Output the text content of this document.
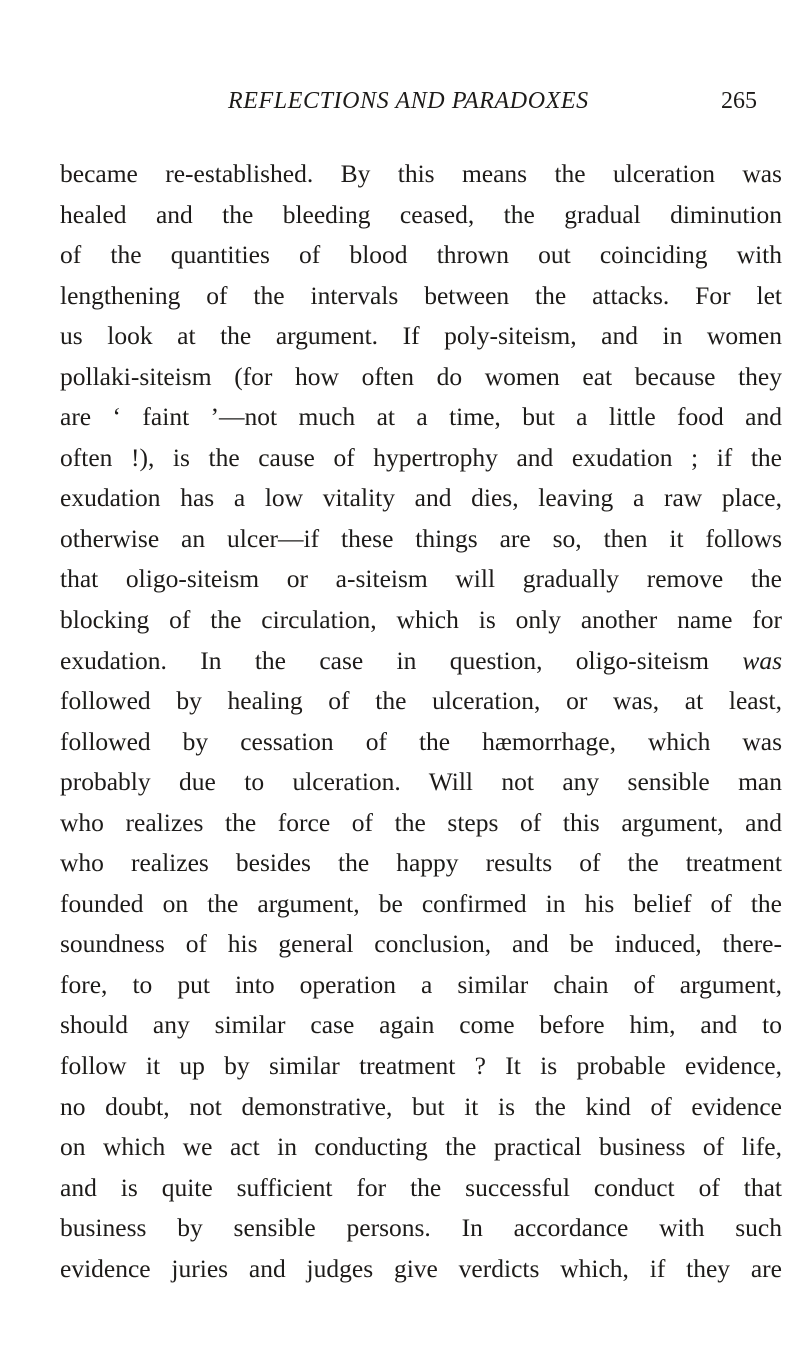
REFLECTIONS AND PARADOXES	265
became re-established. By this means the ulceration was
healed and the bleeding ceased, the gradual diminution
of the quantities of blood thrown out coinciding with
lengthening of the intervals between the attacks. For let
us look at the argument. If poly-siteism, and in women
pollaki-siteism (for how often do women eat because they
are ‘ faint ’—not much at a time, but a little food and
often !), is the cause of hypertrophy and exudation ; if the
exudation has a low vitality and dies, leaving a raw place,
otherwise an ulcer—if these things are so, then it follows
that oligo-siteism or a-siteism will gradually remove the
blocking of the circulation, which is only another name for
exudation. In the case in question, oligo-siteism was
followed by healing of the ulceration, or was, at least,
followed by cessation of the hæmorrhage, which was
probably due to ulceration. Will not any sensible man
who realizes the force of the steps of this argument, and
who realizes besides the happy results of the treatment
founded on the argument, be confirmed in his belief of the
soundness of his general conclusion, and be induced, there-
fore, to put into operation a similar chain of argument,
should any similar case again come before him, and to
follow it up by similar treatment ? It is probable evidence,
no doubt, not demonstrative, but it is the kind of evidence
on which we act in conducting the practical business of life,
and is quite sufficient for the successful conduct of that
business by sensible persons. In accordance with such
evidence juries and judges give verdicts which, if they are
